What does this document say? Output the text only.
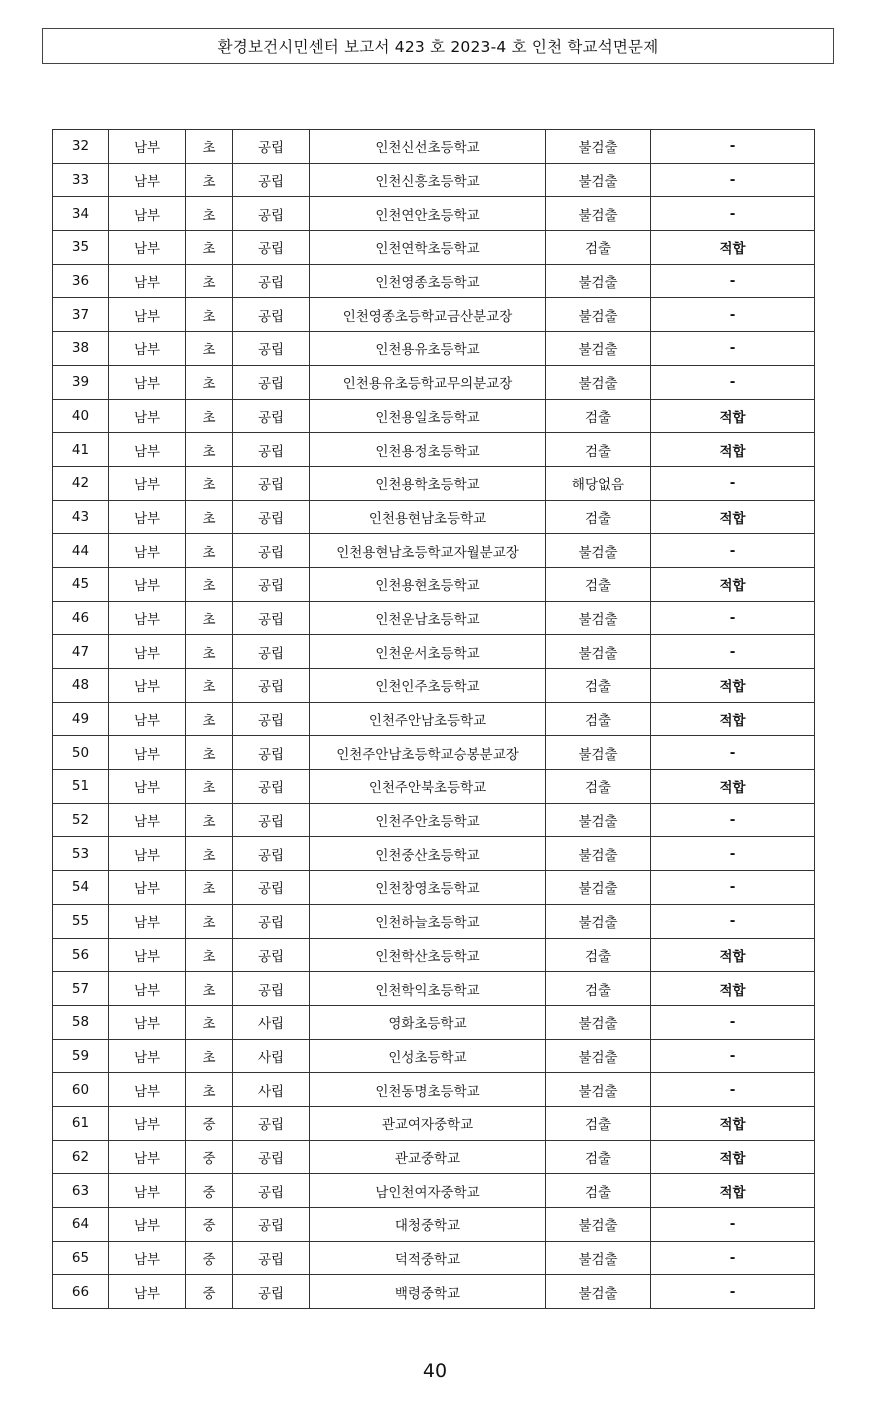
환경보건시민센터 보고서 423 호 2023-4 호 인천 학교석면문제
32	남부	초	공립	인천신선초등학교	불검출	-
33	남부	초	공립	인천신흥초등학교	불검출	-
34	남부	초	공립	인천연안초등학교	불검출	-
35	남부	초	공립	인천연학초등학교	검출	적합
36	남부	초	공립	인천영종초등학교	불검출	-
37	남부	초	공립	인천영종초등학교금산분교장	불검출	-
38	남부	초	공립	인천용유초등학교	불검출	-
39	남부	초	공립	인천용유초등학교무의분교장	불검출	-
40	남부	초	공립	인천용일초등학교	검출	적합
41	남부	초	공립	인천용정초등학교	검출	적합
42	남부	초	공립	인천용학초등학교	해당없음	-
43	남부	초	공립	인천용현남초등학교	검출	적합
44	남부	초	공립	인천용현남초등학교자월분교장	불검출	-
45	남부	초	공립	인천용현초등학교	검출	적합
46	남부	초	공립	인천운남초등학교	불검출	-
47	남부	초	공립	인천운서초등학교	불검출	-
48	남부	초	공립	인천인주초등학교	검출	적합
49	남부	초	공립	인천주안남초등학교	검출	적합
50	남부	초	공립	인천주안남초등학교승봉분교장	불검출	-
51	남부	초	공립	인천주안북초등학교	검출	적합
52	남부	초	공립	인천주안초등학교	불검출	-
53	남부	초	공립	인천중산초등학교	불검출	-
54	남부	초	공립	인천창영초등학교	불검출	-
55	남부	초	공립	인천하늘초등학교	불검출	-
56	남부	초	공립	인천학산초등학교	검출	적합
57	남부	초	공립	인천학익초등학교	검출	적합
58	남부	초	사립	영화초등학교	불검출	-
59	남부	초	사립	인성초등학교	불검출	-
60	남부	초	사립	인천동명초등학교	불검출	-
61	남부	중	공립	관교여자중학교	검출	적합
62	남부	중	공립	관교중학교	검출	적합
63	남부	중	공립	남인천여자중학교	검출	적합
64	남부	중	공립	대청중학교	불검출	-
65	남부	중	공립	덕적중학교	불검출	-
66	남부	중	공립	백령중학교	불검출	-
40
